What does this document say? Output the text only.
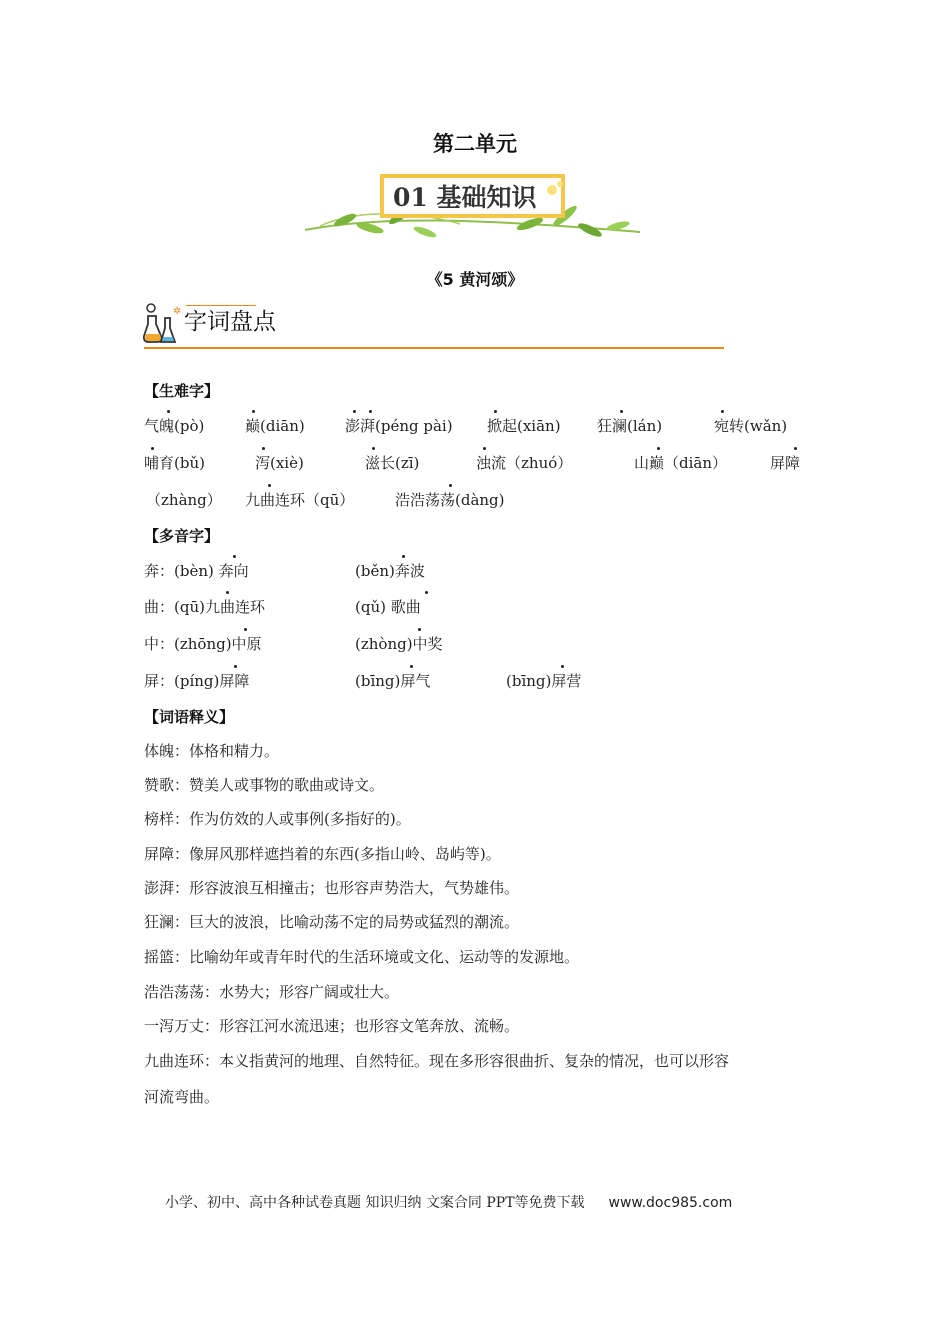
第二单元
01 基础知识
《5 黄河颂》
✲ 字词盘点
【生难字】
气魄(pò)	巅(diān)	澎湃(péng pài) 掀起(xiān) 狂澜(lán)	宛转(wǎn)
哺育(bǔ)	泻(xiè)	滋长(zī)	浊流（zhuó）	山巅（diān）	屏障
（zhàng） 九曲连环（qū）	浩浩荡荡(dàng)
【多音字】
奔：(bèn) 奔向	(běn)奔波
曲：(qū)九曲连环	(qǔ) 歌曲
中：(zhōng)中原	(zhòng)中奖
屏：(píng)屏障	(bīng)屏气	(bīng)屏营
【词语释义】
体魄：体格和精力。
赞歌：赞美人或事物的歌曲或诗文。
榜样：作为仿效的人或事例(多指好的)。
屏障：像屏风那样遮挡着的东西(多指山岭、岛屿等)。
澎湃：形容波浪互相撞击；也形容声势浩大，气势雄伟。
狂澜：巨大的波浪，比喻动荡不定的局势或猛烈的潮流。
摇篮：比喻幼年或青年时代的生活环境或文化、运动等的发源地。
浩浩荡荡：水势大；形容广阔或壮大。
一泻万丈：形容江河水流迅速；也形容文笔奔放、流畅。
九曲连环：本义指黄河的地理、自然特征。现在多形容很曲折、复杂的情况，也可以形容
河流弯曲。
小学、初中、高中各种试卷真题 知识归纳 文案合同 PPT等免费下载 www.doc985.com
